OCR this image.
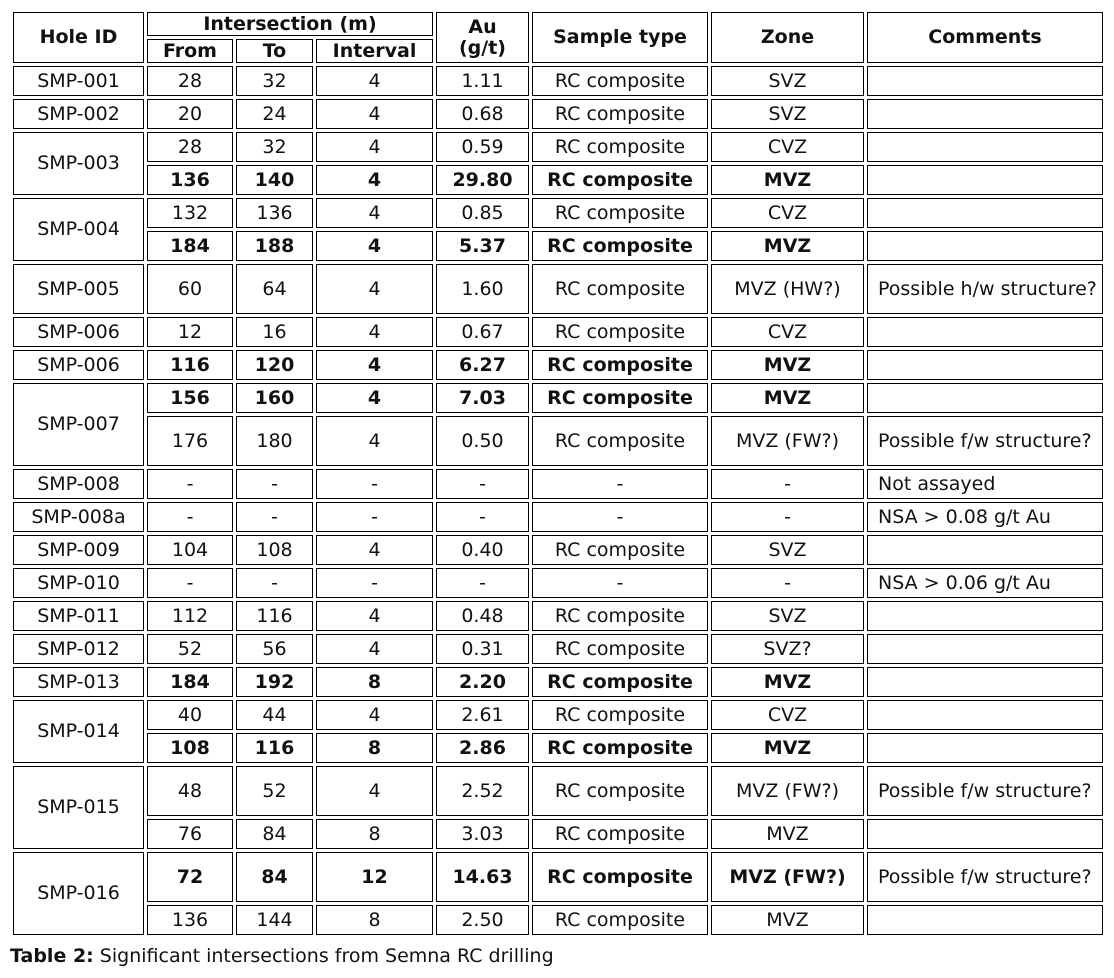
Hole ID	Intersection (m)			Au
(g/t)	Sample type	Zone	Comments
	From	To	Interval				
SMP-001	28	32	4	1.11	RC composite	SVZ	
SMP-002	20	24	4	0.68	RC composite	SVZ	
SMP-003	28	32	4	0.59	RC composite	CVZ	
	136	140	4	29.80	RC composite	MVZ	
SMP-004	132	136	4	0.85	RC composite	CVZ	
	184	188	4	5.37	RC composite	MVZ	
SMP-005	60	64	4	1.60	RC composite	MVZ (HW?)	Possible h/w structure?
SMP-006	12	16	4	0.67	RC composite	CVZ	
SMP-006	116	120	4	6.27	RC composite	MVZ	
SMP-007	156	160	4	7.03	RC composite	MVZ	
	176	180	4	0.50	RC composite	MVZ (FW?)	Possible f/w structure?
SMP-008	-	-	-	-	-	-	Not assayed
SMP-008a	-	-	-	-	-	-	NSA > 0.08 g/t Au
SMP-009	104	108	4	0.40	RC composite	SVZ	
SMP-010	-	-	-	-	-	-	NSA > 0.06 g/t Au
SMP-011	112	116	4	0.48	RC composite	SVZ	
SMP-012	52	56	4	0.31	RC composite	SVZ?	
SMP-013	184	192	8	2.20	RC composite	MVZ	
SMP-014	40	44	4	2.61	RC composite	CVZ	
	108	116	8	2.86	RC composite	MVZ	
SMP-015	48	52	4	2.52	RC composite	MVZ (FW?)	Possible f/w structure?
	76	84	8	3.03	RC composite	MVZ	
SMP-016	72	84	12	14.63	RC composite	MVZ (FW?)	Possible f/w structure?
	136	144	8	2.50	RC composite	MVZ	
Table 2: Significant intersections from Semna RC drilling
